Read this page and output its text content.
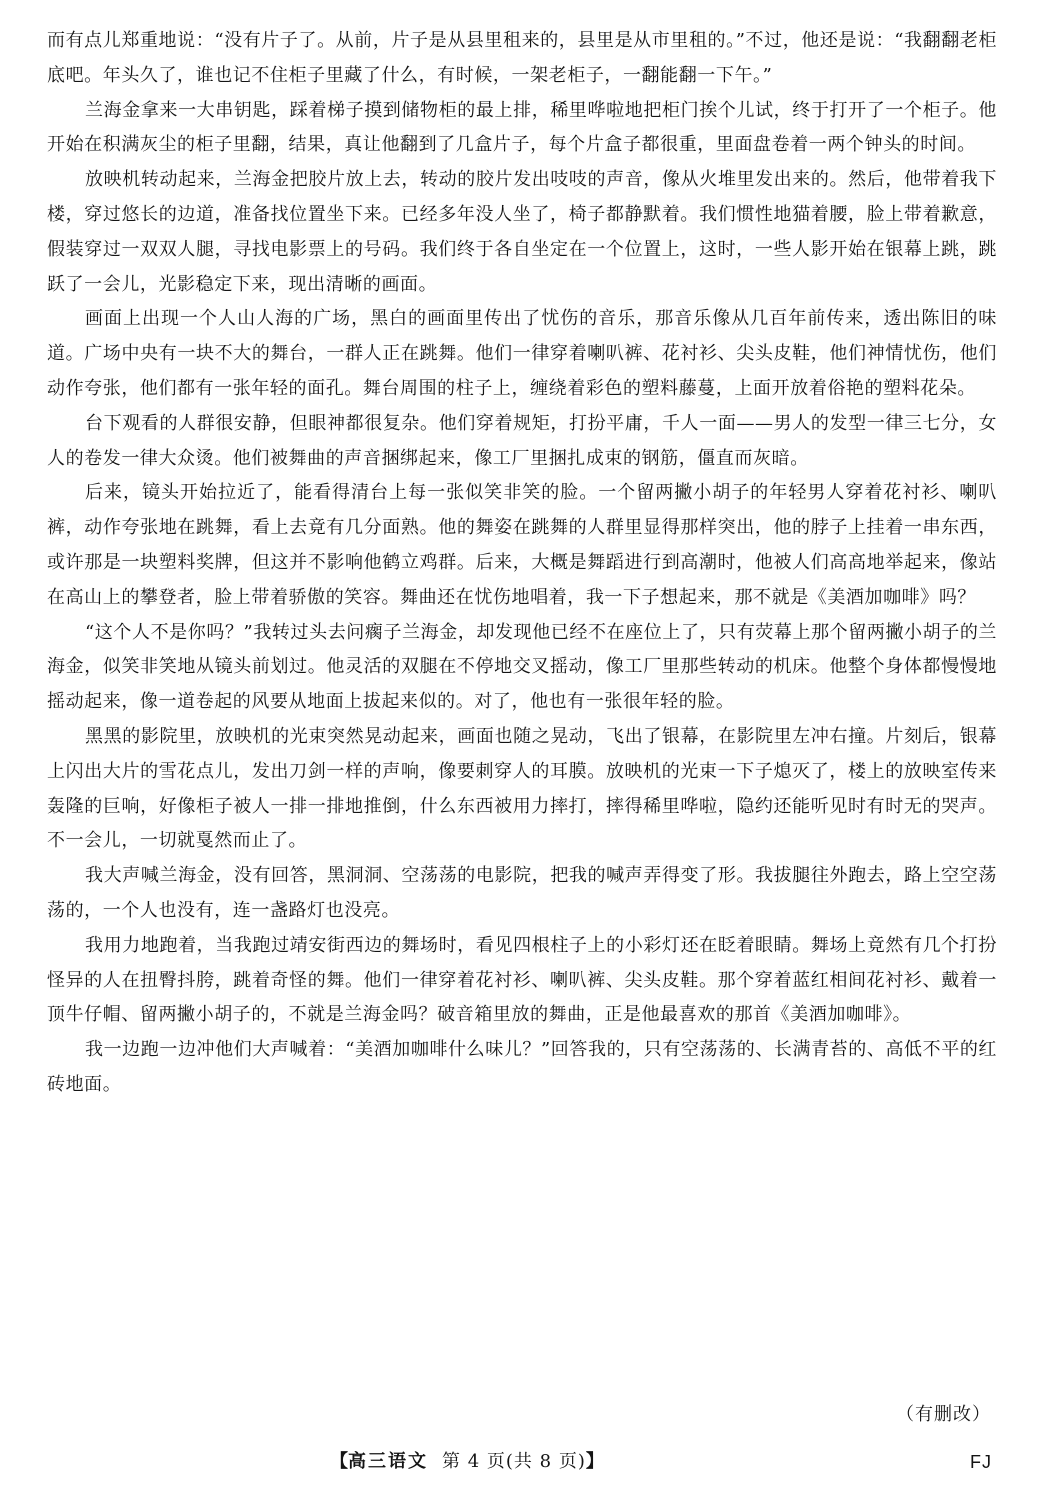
而有点儿郑重地说：“没有片子了。从前，片子是从县里租来的，县里是从市里租的。”不过，他还是说：“我翻翻老柜底吧。年头久了，谁也记不住柜子里藏了什么，有时候，一架老柜子，一翻能翻一下午。”

兰海金拿来一大串钥匙，踩着梯子摸到储物柜的最上排，稀里哗啦地把柜门挨个儿试，终于打开了一个柜子。他开始在积满灰尘的柜子里翻，结果，真让他翻到了几盒片子，每个片盒子都很重，里面盘卷着一两个钟头的时间。

放映机转动起来，兰海金把胶片放上去，转动的胶片发出吱吱的声音，像从火堆里发出来的。然后，他带着我下楼，穿过悠长的边道，准备找位置坐下来。已经多年没人坐了，椅子都静默着。我们惯性地猫着腰，脸上带着歉意，假装穿过一双双人腿，寻找电影票上的号码。我们终于各自坐定在一个位置上，这时，一些人影开始在银幕上跳，跳跃了一会儿，光影稳定下来，现出清晰的画面。

画面上出现一个人山人海的广场，黑白的画面里传出了忧伤的音乐，那音乐像从几百年前传来，透出陈旧的味道。广场中央有一块不大的舞台，一群人正在跳舞。他们一律穿着喇叭裤、花衬衫、尖头皮鞋，他们神情忧伤，他们动作夸张，他们都有一张年轻的面孔。舞台周围的柱子上，缠绕着彩色的塑料藤蔓，上面开放着俗艳的塑料花朵。

台下观看的人群很安静，但眼神都很复杂。他们穿着规矩，打扮平庸，千人一面——男人的发型一律三七分，女人的卷发一律大众烫。他们被舞曲的声音捆绑起来，像工厂里捆扎成束的钢筋，僵直而灰暗。

后来，镜头开始拉近了，能看得清台上每一张似笑非笑的脸。一个留两撇小胡子的年轻男人穿着花衬衫、喇叭裤，动作夸张地在跳舞，看上去竟有几分面熟。他的舞姿在跳舞的人群里显得那样突出，他的脖子上挂着一串东西，或许那是一块塑料奖牌，但这并不影响他鹤立鸡群。后来，大概是舞蹈进行到高潮时，他被人们高高地举起来，像站在高山上的攀登者，脸上带着骄傲的笑容。舞曲还在忧伤地唱着，我一下子想起来，那不就是《美酒加咖啡》吗？

“这个人不是你吗？”我转过头去问瘸子兰海金，却发现他已经不在座位上了，只有荧幕上那个留两撇小胡子的兰海金，似笑非笑地从镜头前划过。他灵活的双腿在不停地交叉摇动，像工厂里那些转动的机床。他整个身体都慢慢地摇动起来，像一道卷起的风要从地面上拔起来似的。对了，他也有一张很年轻的脸。

黑黑的影院里，放映机的光束突然晃动起来，画面也随之晃动，飞出了银幕，在影院里左冲右撞。片刻后，银幕上闪出大片的雪花点儿，发出刀剑一样的声响，像要刺穿人的耳膜。放映机的光束一下子熄灭了，楼上的放映室传来轰隆的巨响，好像柜子被人一排一排地推倒，什么东西被用力摔打，摔得稀里哗啦，隐约还能听见时有时无的哭声。不一会儿，一切就戛然而止了。

我大声喊兰海金，没有回答，黑洞洞、空荡荡的电影院，把我的喊声弄得变了形。我拔腿往外跑去，路上空空荡荡的，一个人也没有，连一盏路灯也没亮。

我用力地跑着，当我跑过靖安街西边的舞场时，看见四根柱子上的小彩灯还在眨着眼睛。舞场上竟然有几个打扮怪异的人在扭臀抖胯，跳着奇怪的舞。他们一律穿着花衬衫、喇叭裤、尖头皮鞋。那个穿着蓝红相间花衬衫、戴着一顶牛仔帽、留两撇小胡子的，不就是兰海金吗？破音箱里放的舞曲，正是他最喜欢的那首《美酒加咖啡》。

我一边跑一边冲他们大声喊着：“美酒加咖啡什么味儿？”回答我的，只有空荡荡的、长满青苔的、高低不平的红砖地面。

（有删改）
【高三语文 第 4 页(共 8 页)】	FJ
